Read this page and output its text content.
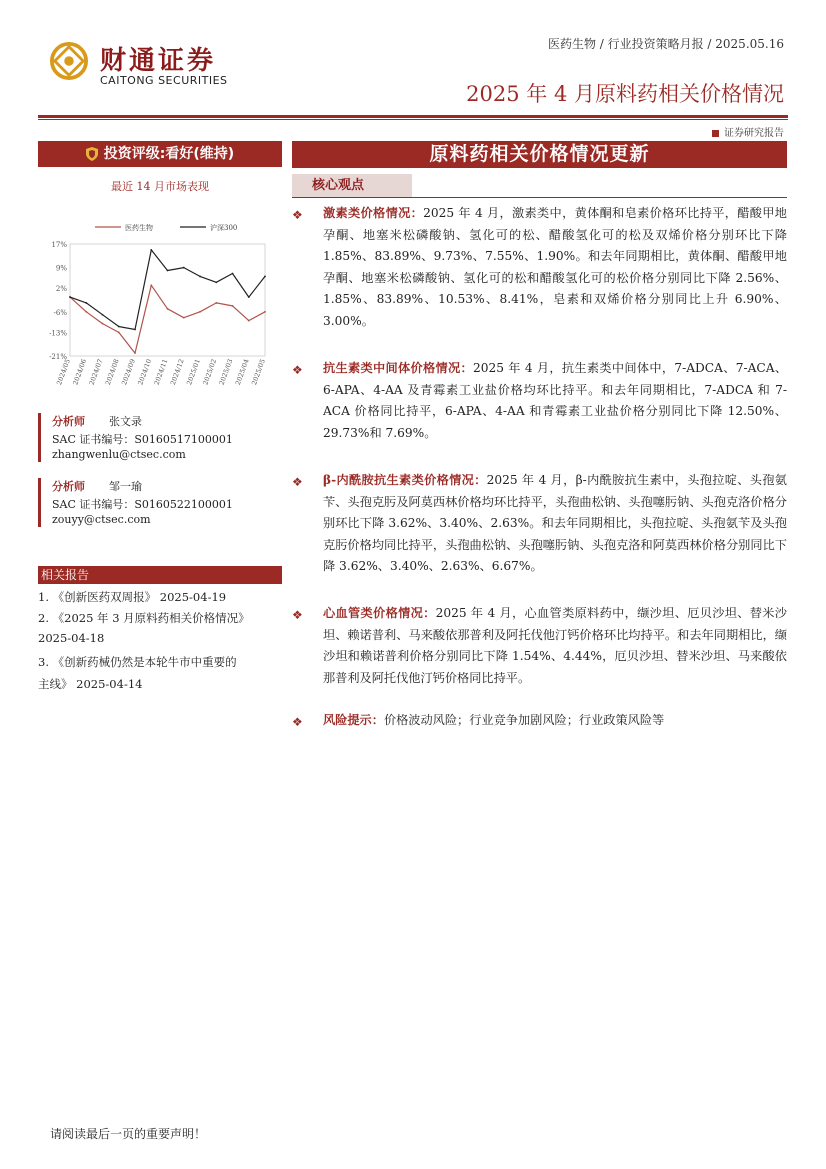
财通证券
CAITONG SECURITIES
医药生物 / 行业投资策略月报 / 2025.05.16
2025 年 4 月原料药相关价格情况
证券研究报告
投资评级:看好(维持)
最近 14 月市场表现
17%
9%
2%
-6%
-13%
-21%
2024/05 2024/06 2024/07 2024/08 2024/09 2024/10 2024/11 2024/12 2025/01 2025/02 2025/03 2025/04 2025/05
医药生物	沪深300
分析师 张文录
SAC 证书编号：S0160517100001
zhangwenlu@ctsec.com
分析师 邹一瑜
SAC 证书编号：S0160522100001
zouyy@ctsec.com
相关报告
1. 《创新医药双周报》 2025-04-19
2. 《2025 年 3 月原料药相关价格情况》
2025-04-18
3. 《创新药械仍然是本轮牛市中重要的
主线》 2025-04-14
原料药相关价格情况更新
核心观点
❖	激素类价格情况：2025 年 4 月，激素类中，黄体酮和皂素价格环比持平，醋酸甲地孕酮、地塞米松磷酸钠、氢化可的松、醋酸氢化可的松及双烯价格分别环比下降 1.85%、83.89%、9.73%、7.55%、1.90%。和去年同期相比，黄体酮、醋酸甲地孕酮、地塞米松磷酸钠、氢化可的松和醋酸氢化可的松价格分别同比下降 2.56%、1.85%、83.89%、10.53%、8.41%，皂素和双烯价格分别同比上升 6.90%、3.00%。
❖	抗生素类中间体价格情况：2025 年 4 月，抗生素类中间体中，7-ADCA、7-ACA、6-APA、4-AA 及青霉素工业盐价格均环比持平。和去年同期相比，7-ADCA 和 7-ACA 价格同比持平，6-APA、4-AA 和青霉素工业盐价格分别同比下降 12.50%、29.73%和 7.69%。
❖	β-内酰胺抗生素类价格情况：2025 年 4 月，β-内酰胺抗生素中，头孢拉啶、头孢氨苄、头孢克肟及阿莫西林价格均环比持平，头孢曲松钠、头孢噻肟钠、头孢克洛价格分别环比下降 3.62%、3.40%、2.63%。和去年同期相比，头孢拉啶、头孢氨苄及头孢克肟价格均同比持平，头孢曲松钠、头孢噻肟钠、头孢克洛和阿莫西林价格分别同比下降 3.62%、3.40%、2.63%、6.67%。
❖	心血管类价格情况：2025 年 4 月，心血管类原料药中，缬沙坦、厄贝沙坦、替米沙坦、赖诺普利、马来酸依那普利及阿托伐他汀钙价格环比均持平。和去年同期相比，缬沙坦和赖诺普利价格分别同比下降 1.54%、4.44%，厄贝沙坦、替米沙坦、马来酸依那普利及阿托伐他汀钙价格同比持平。
❖	风险提示：价格波动风险；行业竞争加剧风险；行业政策风险等
请阅读最后一页的重要声明！
